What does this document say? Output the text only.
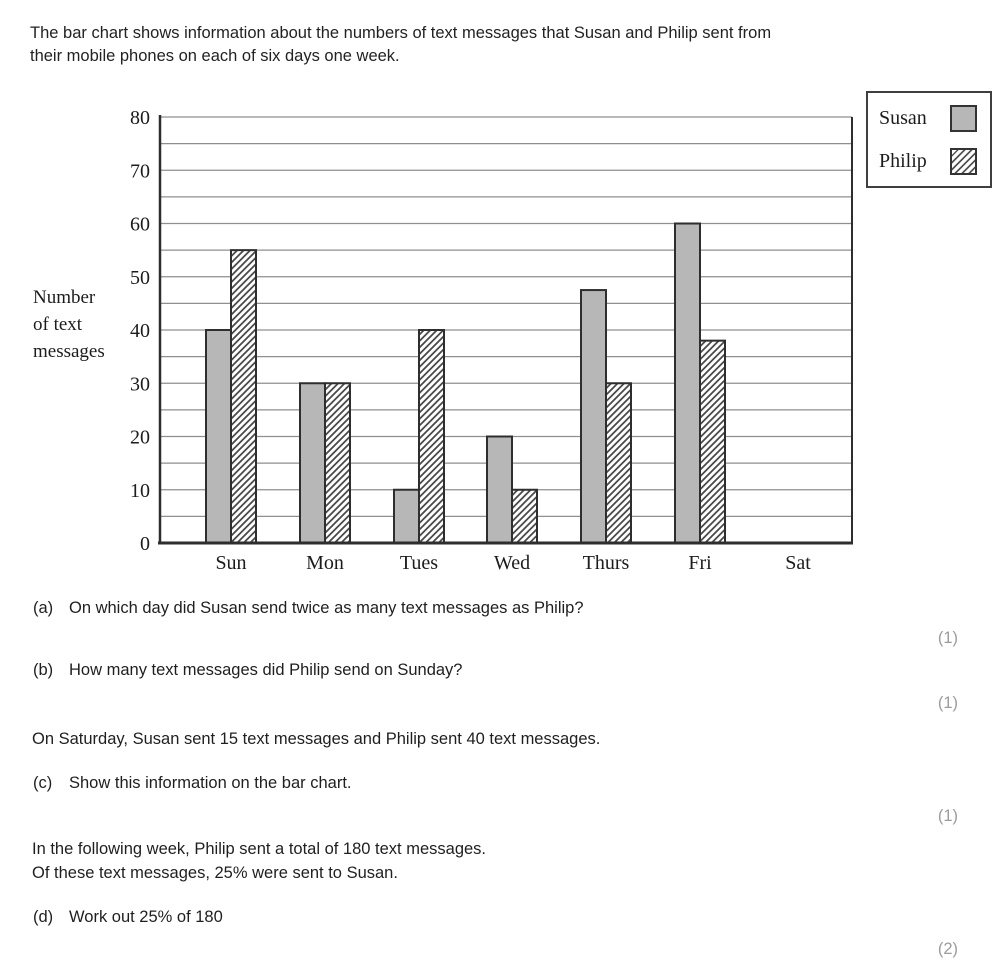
The bar chart shows information about the numbers of text messages that Susan and Philip sent from
their mobile phones on each of six days one week.
Number
of text
messages
0
10
20
30
40
50
60
70
80
Sun	Mon	Tues	Wed	Thurs	Fri	Sat
Susan
Philip
(a) On which day did Susan send twice as many text messages as Philip?
(1)
(b) How many text messages did Philip send on Sunday?
(1)
On Saturday, Susan sent 15 text messages and Philip sent 40 text messages.
(c)	Show this information on the bar chart.
(1)
In the following week, Philip sent a total of 180 text messages.
Of these text messages, 25% were sent to Susan.
(d) Work out 25% of 180
(2)
